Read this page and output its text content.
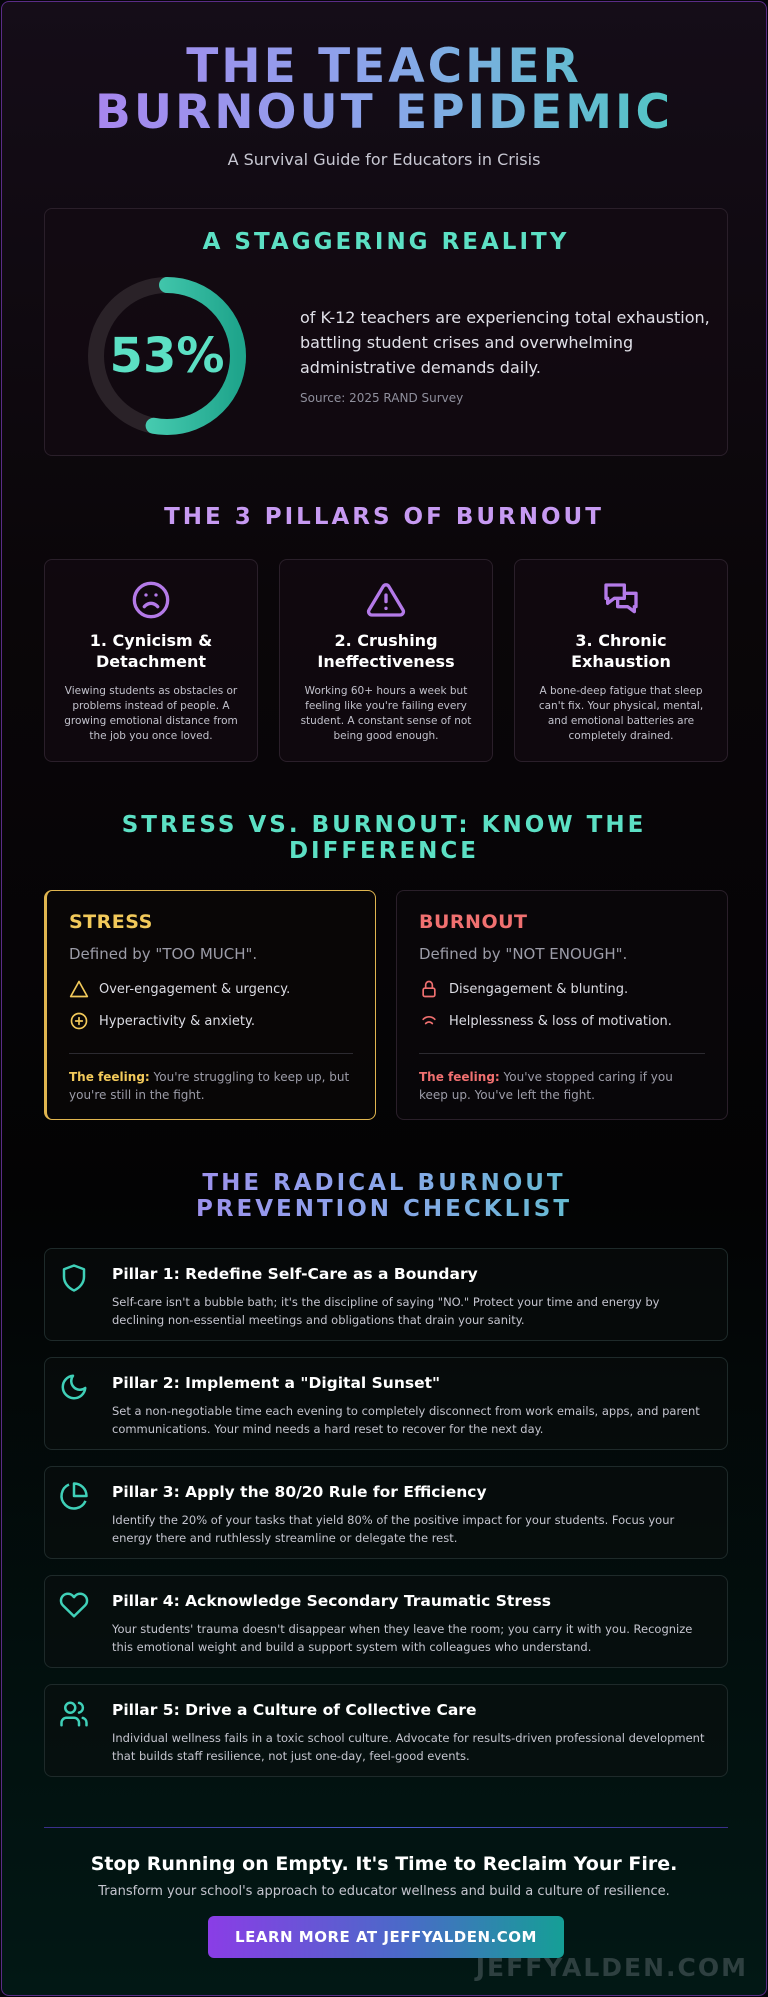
THE TEACHER BURNOUT EPIDEMIC
A Survival Guide for Educators in Crisis
A STAGGERING REALITY
53%

of K-12 teachers are experiencing total exhaustion, battling student crises and overwhelming administrative demands daily.

Source: 2025 RAND Survey
THE 3 PILLARS OF BURNOUT
1. Cynicism & Detachment

Viewing students as obstacles or problems instead of people. A growing emotional distance from the job you once loved.

2. Crushing Ineffectiveness

Working 60+ hours a week but feeling like you're failing every student. A constant sense of not being good enough.

3. Chronic Exhaustion

A bone-deep fatigue that sleep can't fix. Your physical, mental, and emotional batteries are completely drained.

STRESS VS. BURNOUT: KNOW THE DIFFERENCE
STRESS
Defined by "TOO MUCH".
Over-engagement & urgency.
Hyperactivity & anxiety.

The feeling: You're struggling to keep up, but you're still in the fight.

BURNOUT
Defined by "NOT ENOUGH".
Disengagement & blunting.
Helplessness & loss of motivation.

The feeling: You've stopped caring if you keep up. You've left the fight.

THE RADICAL BURNOUT PREVENTION CHECKLIST
Pillar 1: Redefine Self-Care as a Boundary

Self-care isn't a bubble bath; it's the discipline of saying "NO." Protect your time and energy by declining non-essential meetings and obligations that drain your sanity.

Pillar 2: Implement a "Digital Sunset"

Set a non-negotiable time each evening to completely disconnect from work emails, apps, and parent communications. Your mind needs a hard reset to recover for the next day.

Pillar 3: Apply the 80/20 Rule for Efficiency

Identify the 20% of your tasks that yield 80% of the positive impact for your students. Focus your energy there and ruthlessly streamline or delegate the rest.

Pillar 4: Acknowledge Secondary Traumatic Stress

Your students' trauma doesn't disappear when they leave the room; you carry it with you. Recognize this emotional weight and build a support system with colleagues who understand.

Pillar 5: Drive a Culture of Collective Care

Individual wellness fails in a toxic school culture. Advocate for results-driven professional development that builds staff resilience, not just one-day, feel-good events.

Stop Running on Empty. It's Time to Reclaim Your Fire.
Transform your school's approach to educator wellness and build a culture of resilience.
LEARN MORE AT JEFFYALDEN.COM
JEFFYALDEN.COM
